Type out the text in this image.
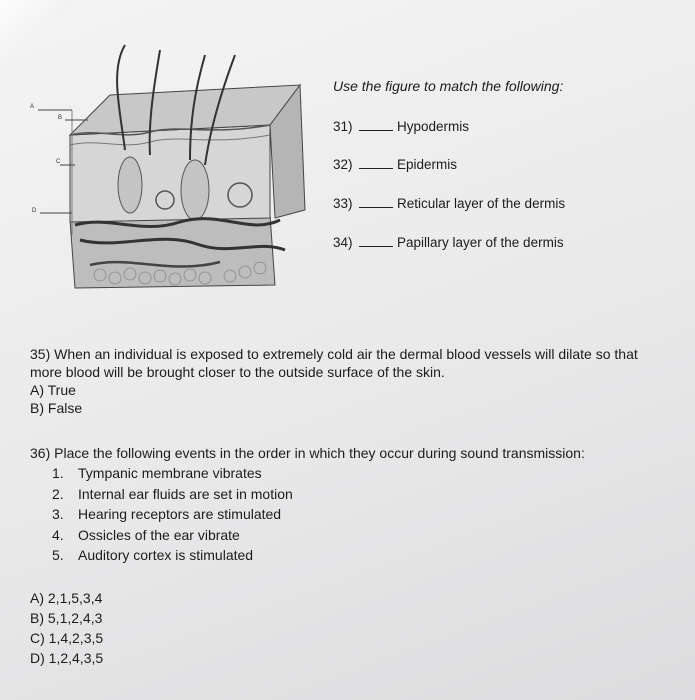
A
B
C
D
Use the figure to match the following:
31)	Hypodermis
32)	Epidermis
33)	Reticular layer of the dermis
34)	Papillary layer of the dermis
35) When an individual is exposed to extremely cold air the dermal blood vessels will dilate so that
more blood will be brought closer to the outside surface of the skin.
A) True
B) False
36) Place the following events in the order in which they occur during sound transmission:
1.	Tympanic membrane vibrates
2.	Internal ear fluids are set in motion
3.	Hearing receptors are stimulated
4.	Ossicles of the ear vibrate
5.	Auditory cortex is stimulated
A) 2,1,5,3,4
B) 5,1,2,4,3
C) 1,4,2,3,5
D) 1,2,4,3,5
